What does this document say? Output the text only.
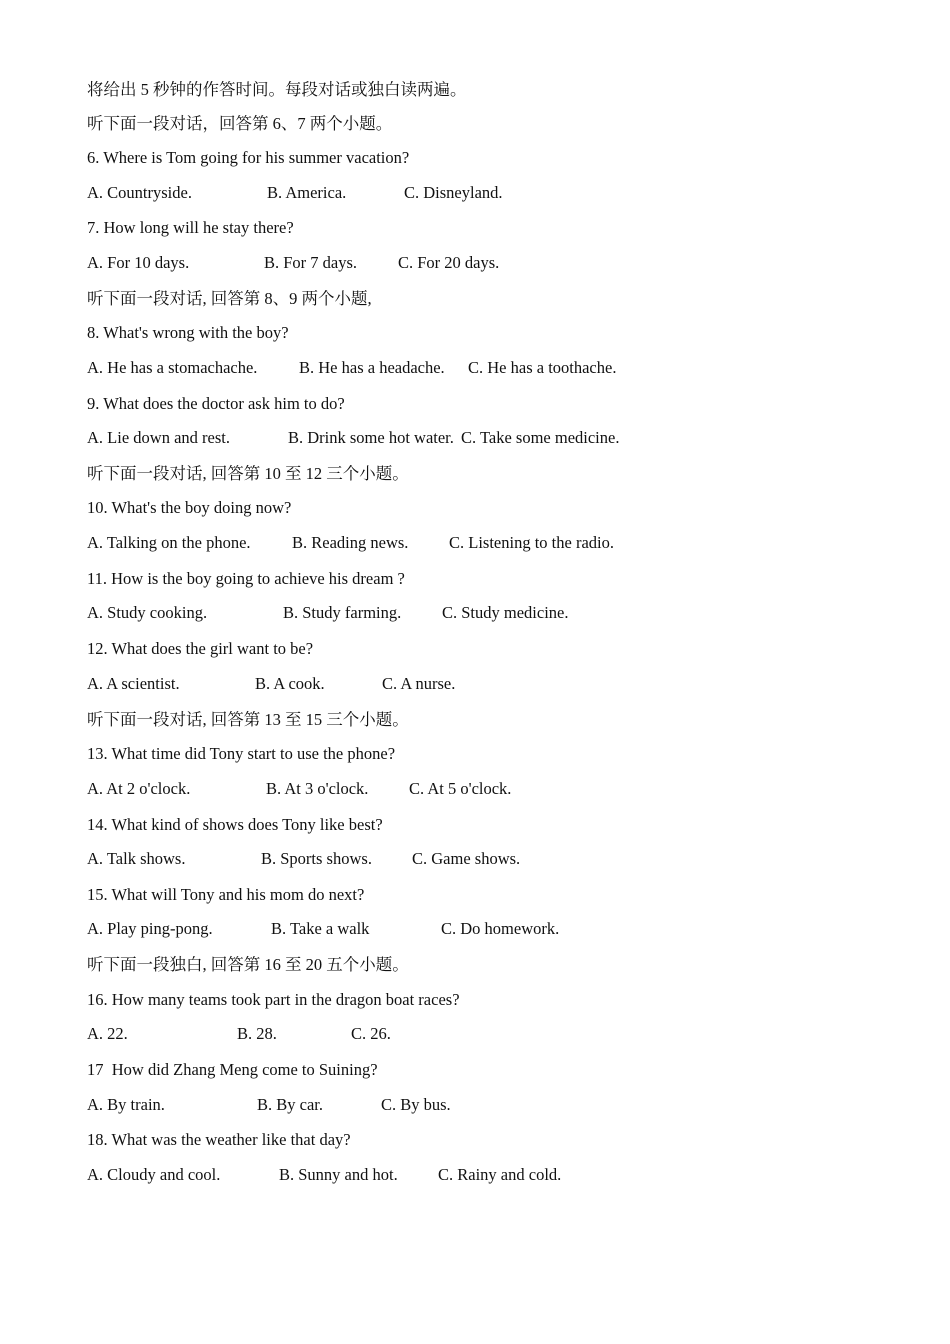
将给出 5 秒钟的作答时间。每段对话或独白读两遍。
听下面一段对话，回答第 6、7 两个小题。
6. Where is Tom going for his summer vacation?
A. Countryside.	B. America.	C. Disneyland.
7. How long will he stay there?
A. For 10 days.	B. For 7 days. C. For 20 days.
听下面一段对话, 回答第 8、9 两个小题,
8. What's wrong with the boy?
A. He has a stomachache.	B. He has a headache. C. He has a toothache.
9. What does the doctor ask him to do?
A. Lie down and rest.	B. Drink some hot water. C. Take some medicine.
听下面一段对话, 回答第 10 至 12 三个小题。
10. What's the boy doing now?
A. Talking on the phone.	B. Reading news. C. Listening to the radio.
11. How is the boy going to achieve his dream ?
A. Study cooking.	B. Study farming. C. Study medicine.
12. What does the girl want to be?
A. A scientist.	B. A cook.	C. A nurse.
听下面一段对话, 回答第 13 至 15 三个小题。
13. What time did Tony start to use the phone?
A. At 2 o'clock.	B. At 3 o'clock. C. At 5 o'clock.
14. What kind of shows does Tony like best?
A. Talk shows.	B. Sports shows. C. Game shows.
15. What will Tony and his mom do next?
A. Play ping-pong.	B. Take a walk	C. Do homework.
听下面一段独白, 回答第 16 至 20 五个小题。
16. How many teams took part in the dragon boat races?
A. 22.	B. 28.	C. 26.
17  How did Zhang Meng come to Suining?
A. By train.	B. By car.	C. By bus.
18. What was the weather like that day?
A. Cloudy and cool.	B. Sunny and hot. C. Rainy and cold.
